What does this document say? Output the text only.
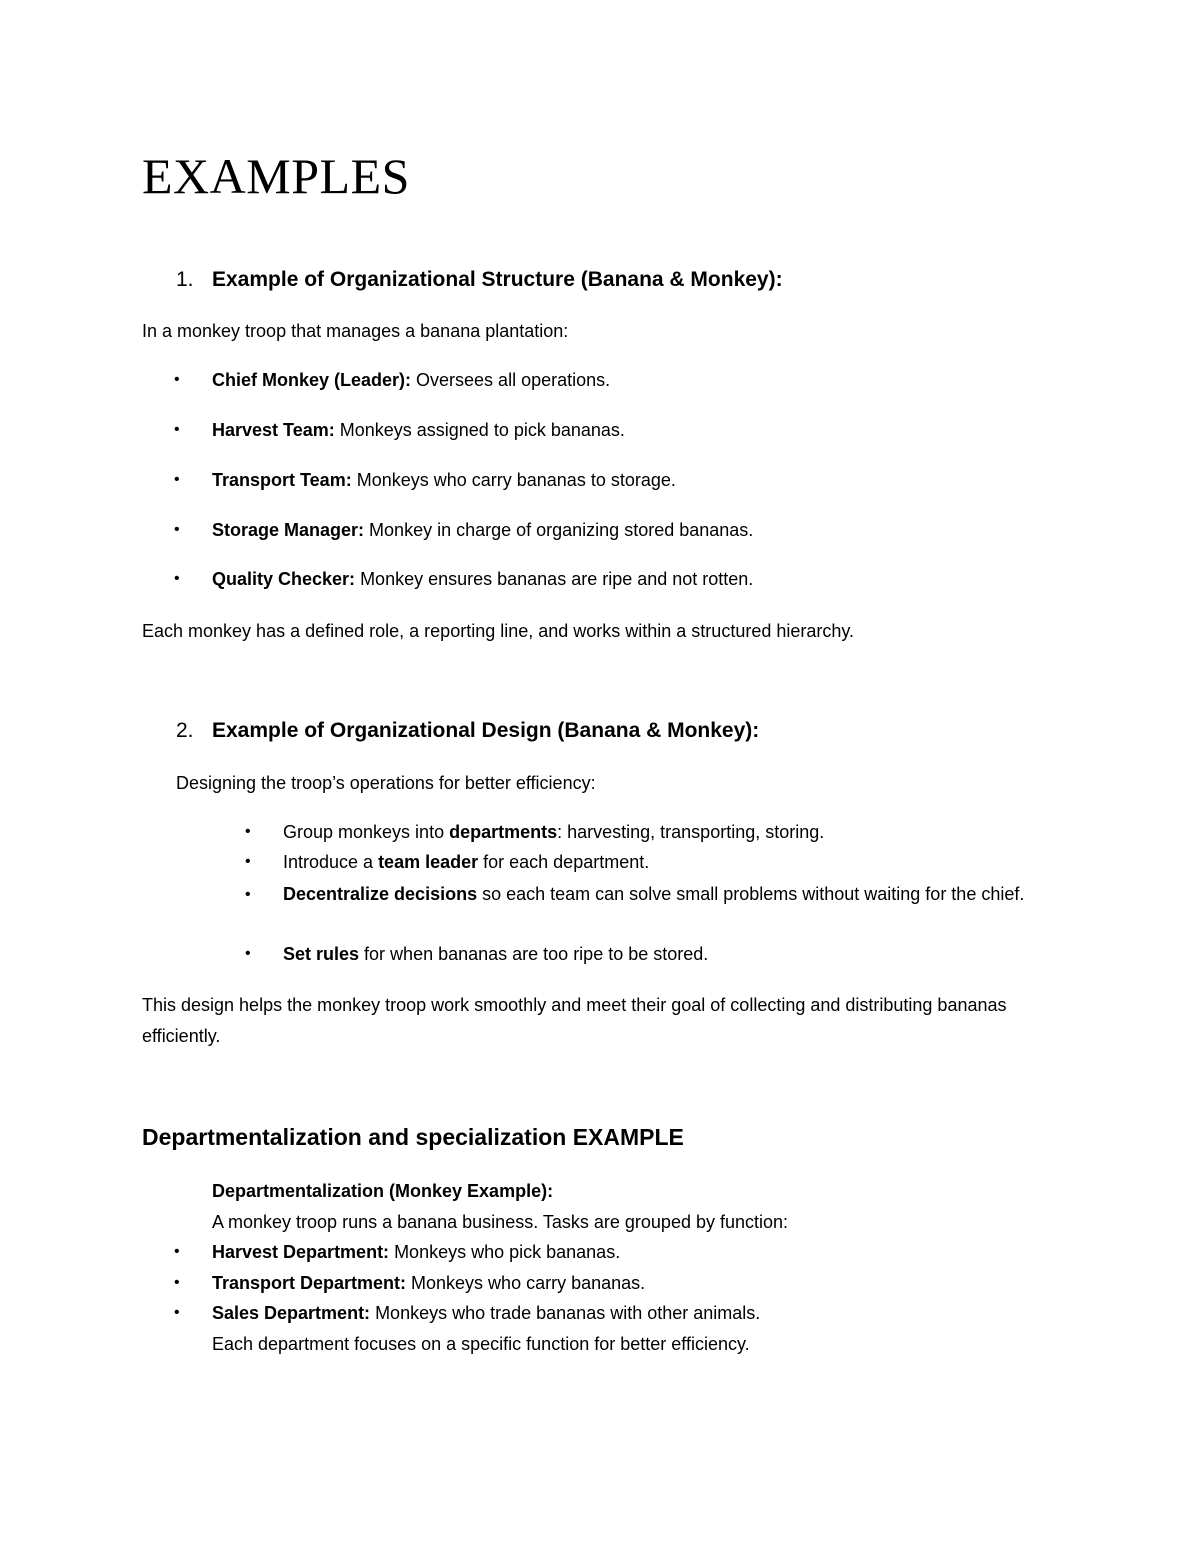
EXAMPLES
1. Example of Organizational Structure (Banana & Monkey):
In a monkey troop that manages a banana plantation:
• Chief Monkey (Leader): Oversees all operations.
• Harvest Team: Monkeys assigned to pick bananas.
• Transport Team: Monkeys who carry bananas to storage.
• Storage Manager: Monkey in charge of organizing stored bananas.
• Quality Checker: Monkey ensures bananas are ripe and not rotten.
Each monkey has a defined role, a reporting line, and works within a structured hierarchy.
2. Example of Organizational Design (Banana & Monkey):
Designing the troop’s operations for better efficiency:
• Group monkeys into departments: harvesting, transporting, storing.
• Introduce a team leader for each department.
• Decentralize decisions so each team can solve small problems without waiting for the chief.
• Set rules for when bananas are too ripe to be stored.
This design helps the monkey troop work smoothly and meet their goal of collecting and distributing bananas efficiently.
Departmentalization and specialization EXAMPLE
Departmentalization (Monkey Example):
A monkey troop runs a banana business. Tasks are grouped by function:
• Harvest Department: Monkeys who pick bananas.
• Transport Department: Monkeys who carry bananas.
• Sales Department: Monkeys who trade bananas with other animals.
Each department focuses on a specific function for better efficiency.
